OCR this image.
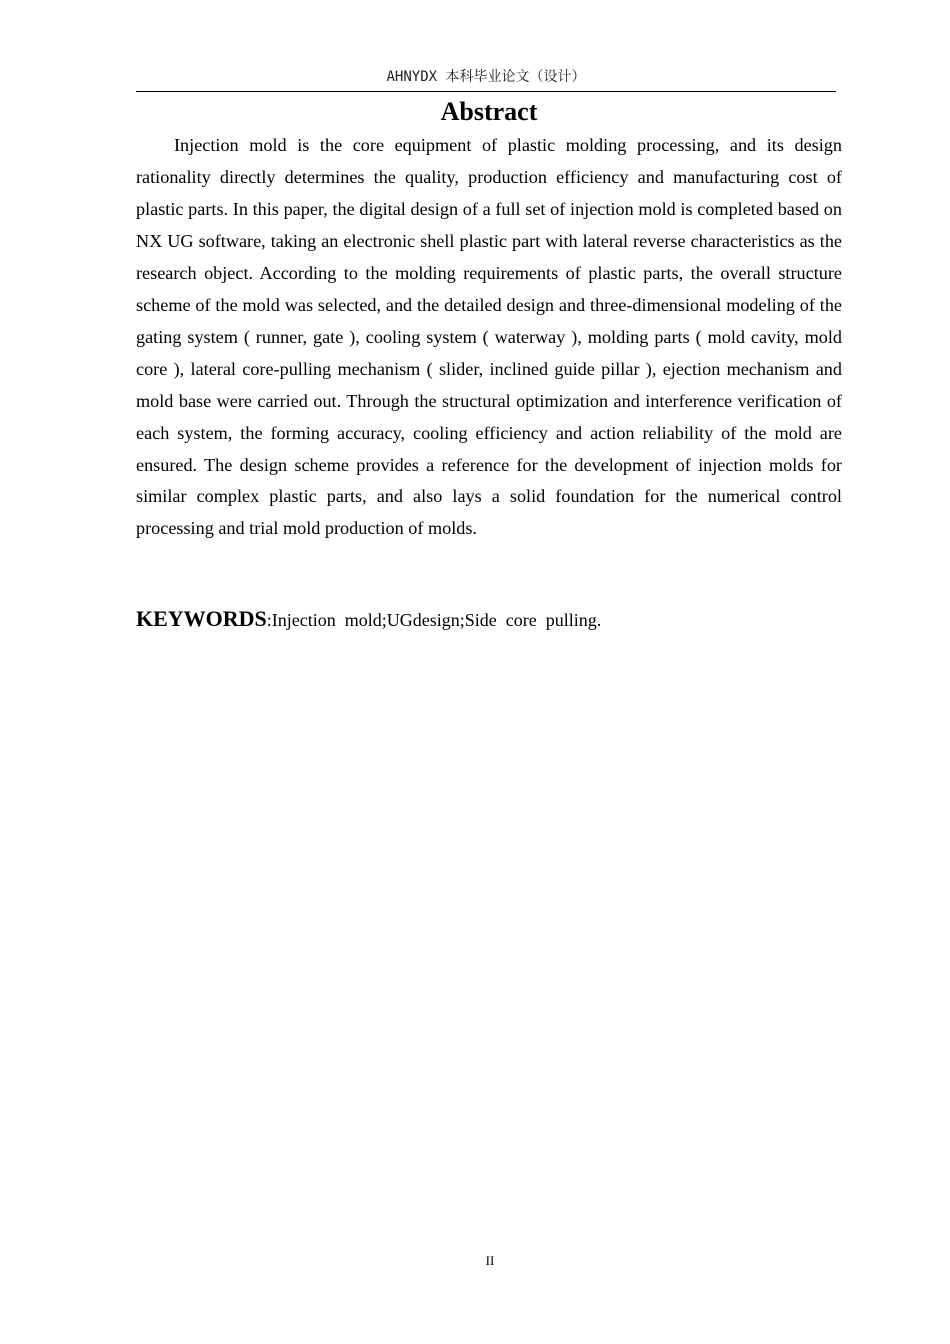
AHNYDX 本科毕业论文（设计）
Abstract

Injection mold is the core equipment of plastic molding processing, and its design rationality directly determines the quality, production efficiency and manufacturing cost of plastic parts. In this paper, the digital design of a full set of injection mold is completed based on NX UG software, taking an electronic shell plastic part with lateral reverse characteristics as the research object. According to the molding requirements of plastic parts, the overall structure scheme of the mold was selected, and the detailed design and three-dimensional modeling of the gating system ( runner, gate ), cooling system ( waterway ), molding parts ( mold cavity, mold core ), lateral core-pulling mechanism ( slider, inclined guide pillar ), ejection mechanism and mold base were carried out. Through the structural optimization and interference verification of each system, the forming accuracy, cooling efficiency and action reliability of the mold are ensured. The design scheme provides a reference for the development of injection molds for similar complex plastic parts, and also lays a solid foundation for the numerical control processing and trial mold production of molds.

KEYWORDS:Injection  mold;UGdesign;Side  core  pulling.
II
